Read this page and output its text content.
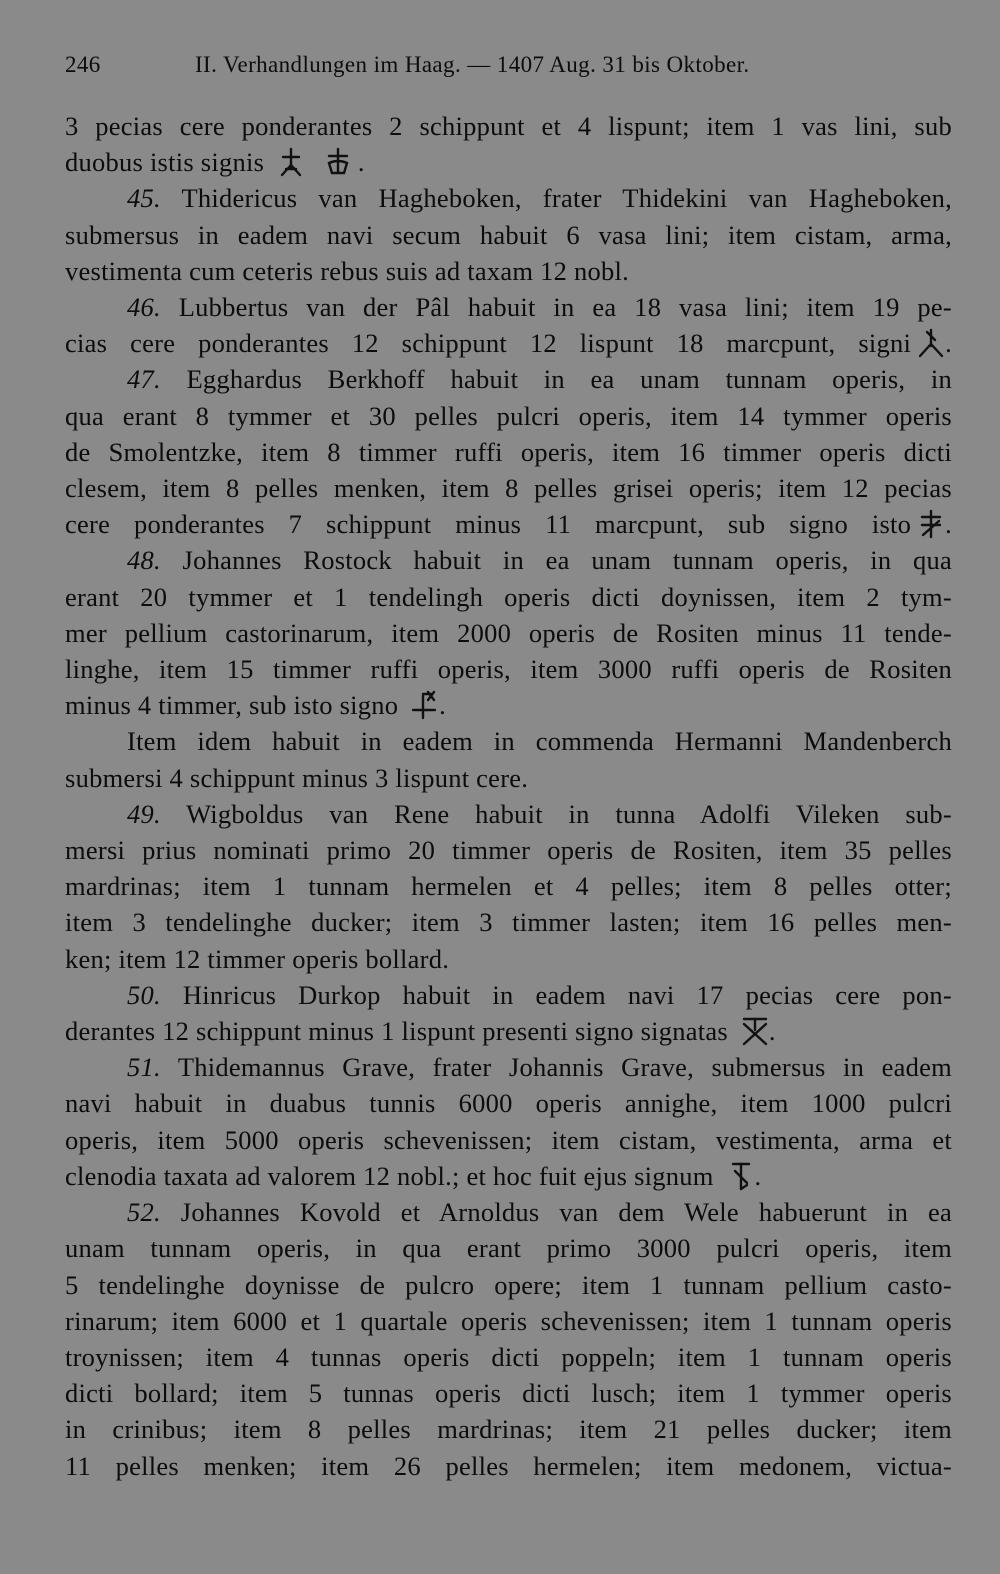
246	II. Verhandlungen im Haag. — 1407 Aug. 31 bis Oktober.
3 pecias cere ponderantes 2 schippunt et 4 lispunt; item 1 vas lini, sub
duobus istis signis	.
45. Thidericus van Hagheboken, frater Thidekini van Hagheboken,
submersus in eadem navi secum habuit 6 vasa lini; item cistam, arma,
vestimenta cum ceteris rebus suis ad taxam 12 nobl.
46. Lubbertus van der Pâl habuit in ea 18 vasa lini; item 19 pe-
cias cere ponderantes 12 schippunt 12 lispunt 18 marcpunt, signi .
47. Egghardus Berkhoff habuit in ea unam tunnam operis, in
qua erant 8 tymmer et 30 pelles pulcri operis, item 14 tymmer operis
de Smolentzke, item 8 timmer ruffi operis, item 16 timmer operis dicti
clesem, item 8 pelles menken, item 8 pelles grisei operis; item 12 pecias
cere ponderantes 7 schippunt minus 11 marcpunt, sub signo isto .
48. Johannes Rostock habuit in ea unam tunnam operis, in qua
erant 20 tymmer et 1 tendelingh operis dicti doynissen, item 2 tym-
mer pellium castorinarum, item 2000 operis de Rositen minus 11 tende-
linghe, item 15 timmer ruffi operis, item 3000 ruffi operis de Rositen
minus 4 timmer, sub isto signo .
Item idem habuit in eadem in commenda Hermanni Mandenberch
submersi 4 schippunt minus 3 lispunt cere.
49. Wigboldus van Rene habuit in tunna Adolfi Vileken sub-
mersi prius nominati primo 20 timmer operis de Rositen, item 35 pelles
mardrinas; item 1 tunnam hermelen et 4 pelles; item 8 pelles otter;
item 3 tendelinghe ducker; item 3 timmer lasten; item 16 pelles men-
ken; item 12 timmer operis bollard.
50. Hinricus Durkop habuit in eadem navi 17 pecias cere pon-
derantes 12 schippunt minus 1 lispunt presenti signo signatas .
51. Thidemannus Grave, frater Johannis Grave, submersus in eadem
navi habuit in duabus tunnis 6000 operis annighe, item 1000 pulcri
operis, item 5000 operis schevenissen; item cistam, vestimenta, arma et
clenodia taxata ad valorem 12 nobl.; et hoc fuit ejus signum .
52. Johannes Kovold et Arnoldus van dem Wele habuerunt in ea
unam tunnam operis, in qua erant primo 3000 pulcri operis, item
5 tendelinghe doynisse de pulcro opere; item 1 tunnam pellium casto-
rinarum; item 6000 et 1 quartale operis schevenissen; item 1 tunnam operis
troynissen; item 4 tunnas operis dicti poppeln; item 1 tunnam operis
dicti bollard; item 5 tunnas operis dicti lusch; item 1 tymmer operis
in crinibus; item 8 pelles mardrinas; item 21 pelles ducker; item
11 pelles menken; item 26 pelles hermelen; item medonem, victua-
